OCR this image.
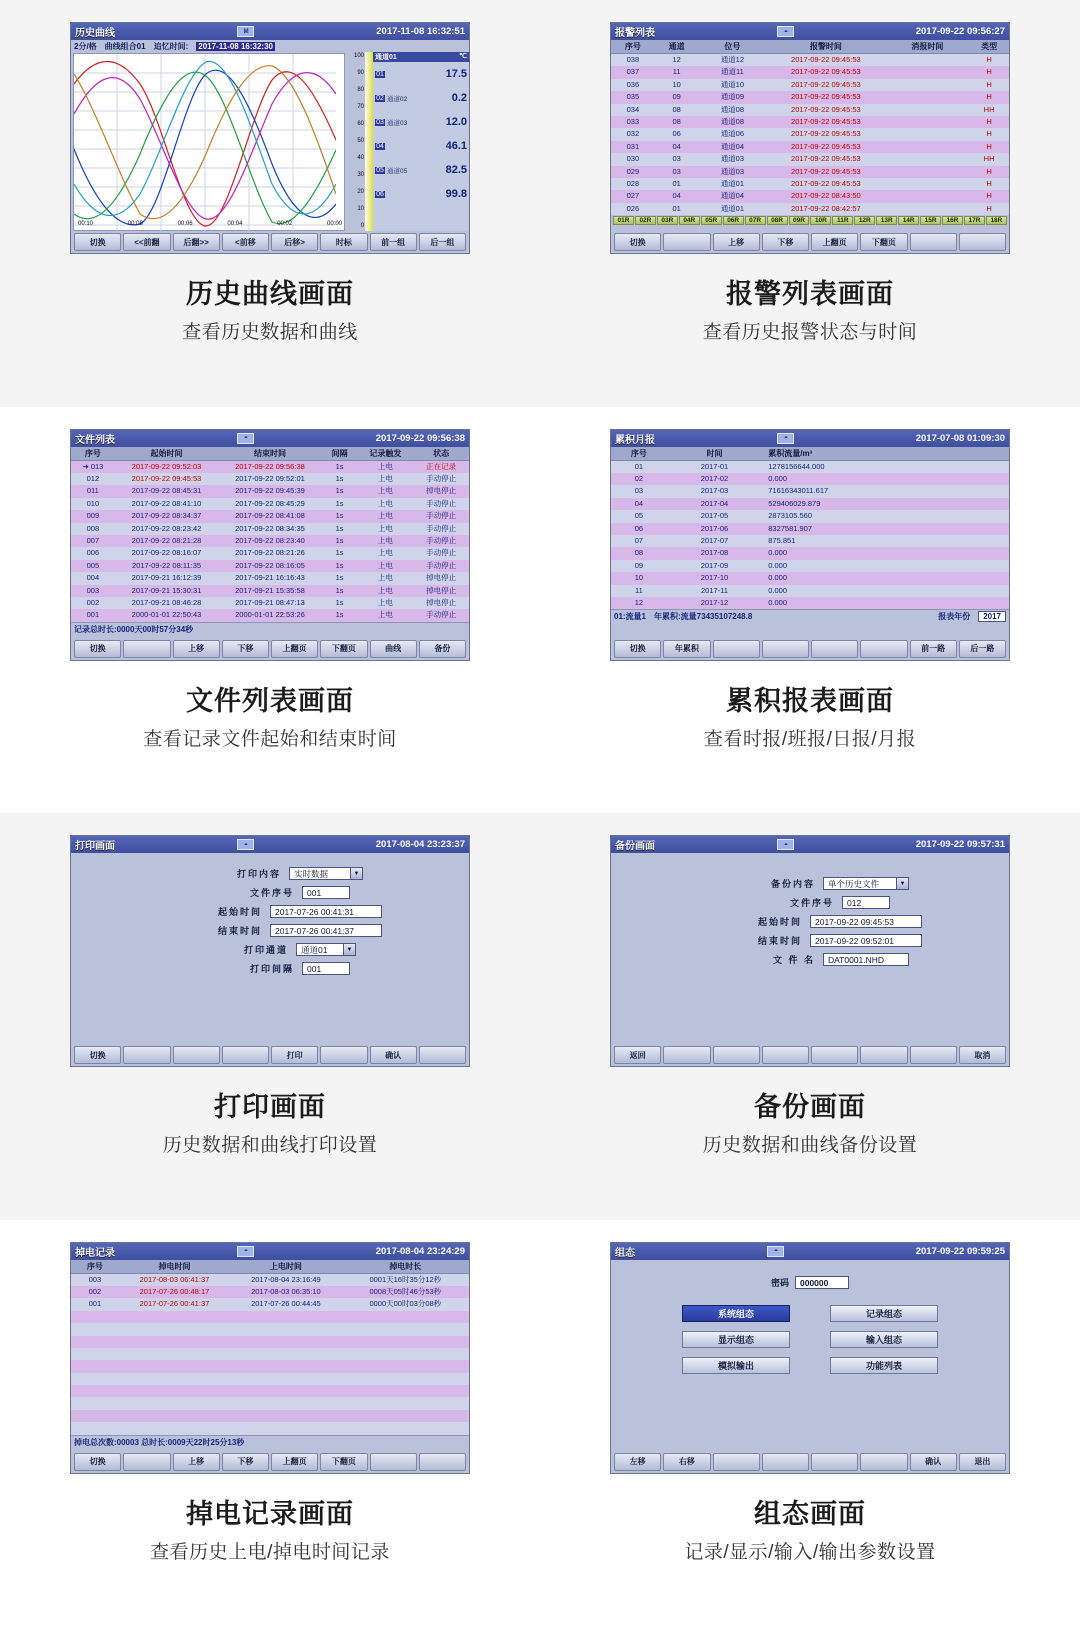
历史曲线	M	2017-11-08 16:32:51
2分/格 曲线组合01 追忆时间: 2017-11-08 16:32:30
00:10	00:08	00:06	00:04	00:02	00:00
100
90
80
70
60
50
40
30
20
10
0
通道01	℃
01	17.5
02 通道02	0.2
03 通道03	12.0
04	46.1
05 通道05	82.5
06	99.8
切换	<<前翻	后翻>>	<前移	后移>	时标	前一组	后一组
历史曲线画面
查看历史数据和曲线
报警列表	▪▪	2017-09-22 09:56:27
序号	通道	位号	报警时间	消报时间	类型
038	12	通道12	2017-09-22 09:45:53		H
037	11	通道11	2017-09-22 09:45:53		H
036	10	通道10	2017-09-22 09:45:53		H
035	09	通道09	2017-09-22 09:45:53		H
034	08	通道08	2017-09-22 09:45:53		HH
033	08	通道08	2017-09-22 09:45:53		H
032	06	通道06	2017-09-22 09:45:53		H
031	04	通道04	2017-09-22 09:45:53		H
030	03	通道03	2017-09-22 09:45:53		HH
029	03	通道03	2017-09-22 09:45:53		H
028	01	通道01	2017-09-22 09:45:53		H
027	04	通道04	2017-09-22 08:43:50		H
026	01	通道01	2017-09-22 08:42:57		H
01R	02R	03R	04R	05R	06R	07R	08R	09R	10R	11R	12R	13R	14R	15R	16R	17R	18R
切换	上移	下移	上翻页	下翻页
报警列表画面
查看历史报警状态与时间
文件列表	▪▪	2017-09-22 09:56:38
序号	起始时间	结束时间	间隔	记录触发	状态
➜ 013	2017-09-22 09:52:03	2017-09-22 09:56:38	1s	上电	正在记录
012	2017-09-22 09:45:53	2017-09-22 09:52:01	1s	上电	手动停止
011	2017-09-22 08:45:31	2017-09-22 09:45:39	1s	上电	掉电停止
010	2017-09-22 08:41:10	2017-09-22 08:45:29	1s	上电	手动停止
009	2017-09-22 08:34:37	2017-09-22 08:41:08	1s	上电	手动停止
008	2017-09-22 08:23:42	2017-09-22 08:34:35	1s	上电	手动停止
007	2017-09-22 08:21:28	2017-09-22 08:23:40	1s	上电	手动停止
006	2017-09-22 08:16:07	2017-09-22 08:21:26	1s	上电	手动停止
005	2017-09-22 08:11:35	2017-09-22 08:16:05	1s	上电	手动停止
004	2017-09-21 16:12:39	2017-09-21 16:16:43	1s	上电	掉电停止
003	2017-09-21 15:30:31	2017-09-21 15:35:58	1s	上电	掉电停止
002	2017-09-21 08:46:28	2017-09-21 08:47:13	1s	上电	掉电停止
001	2000-01-01 22:50:43	2000-01-01 22:53:26	1s	上电	手动停止
记录总时长:0000天00时57分34秒
切换	上移	下移	上翻页	下翻页	曲线	备份
文件列表画面
查看记录文件起始和结束时间
累积月报	▪▪	2017-07-08 01:09:30
序号	时间	累积流量/m³
01	2017-01	1278156644.000
02	2017-02	0.000
03	2017-03	71616343011.617
04	2017-04	529406029.879
05	2017-05	2873105.560
06	2017-06	8327581.907
07	2017-07	875.851
08	2017-08	0.000
09	2017-09	0.000
10	2017-10	0.000
11	2017-11	0.000
12	2017-12	0.000
01:流量1 年累积:流量73435107248.8	报表年份	2017
切换	年累积	前一路	后一路
累积报表画面
查看时报/班报/日报/月报
打印画面	▪▪	2017-08-04 23:23:37
打印内容	实时数据	▼
文件序号	001
起始时间	2017-07-26 00:41:31
结束时间	2017-07-26 00:41:37
打印通道	通道01	▼
打印间隔	001
切换	打印	确认
打印画面
历史数据和曲线打印设置
备份画面	▪▪	2017-09-22 09:57:31
备份内容	单个历史文件	▼
文件序号	012
起始时间	2017-09-22 09:45:53
结束时间	2017-09-22 09:52:01
文 件 名	DAT0001.NHD
返回	取消
备份画面
历史数据和曲线备份设置
掉电记录	▪▪	2017-08-04 23:24:29
序号	掉电时间	上电时间	掉电时长
003	2017-08-03 06:41:37	2017-08-04 23:16:49	0001天16时35分12秒
002	2017-07-26 00:48:17	2017-08-03 06:35:10	0008天05时46分53秒
001	2017-07-26 00:41:37	2017-07-26 00:44:45	0000天00时03分08秒

掉电总次数:00003 总时长:0009天22时25分13秒
切换	上移	下移	上翻页	下翻页
掉电记录画面
查看历史上电/掉电时间记录
组态	▪▪	2017-09-22 09:59:25
密码	000000
系统组态	记录组态
显示组态	输入组态
模拟输出	功能列表
左移	右移	确认	退出
组态画面
记录/显示/输入/输出参数设置
